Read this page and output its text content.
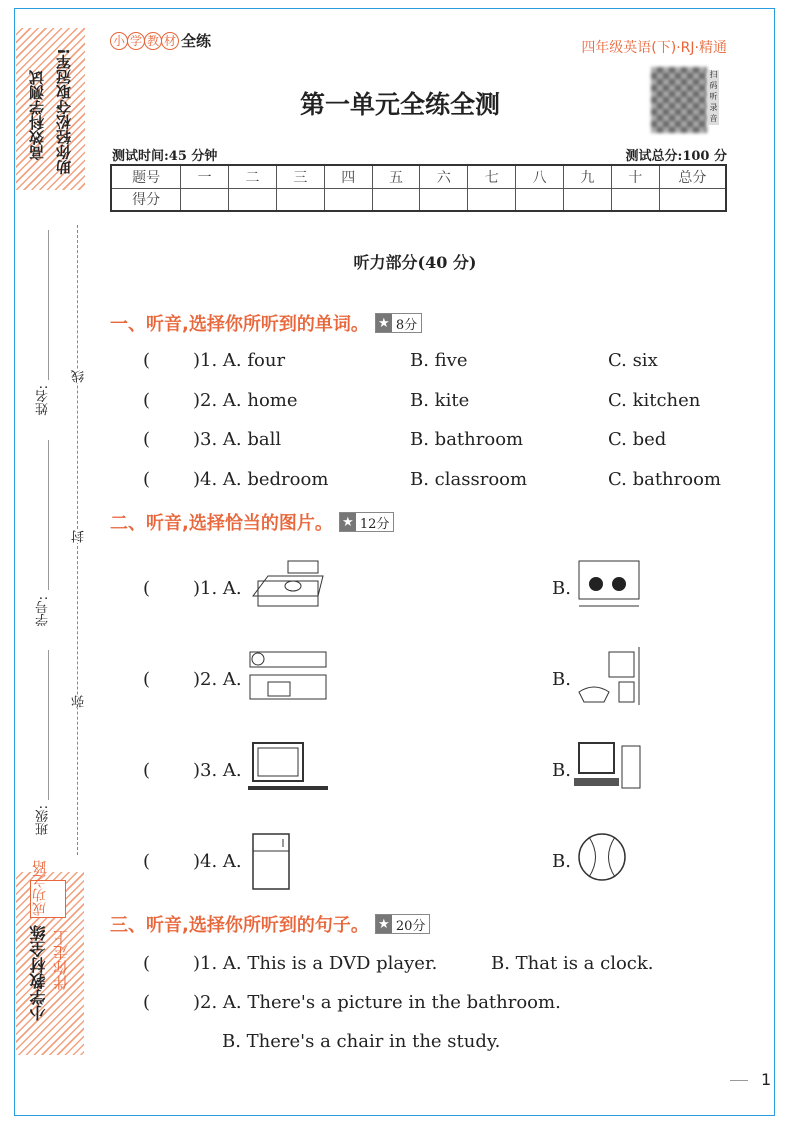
助你轻松夺取冠军!
高效科学测试
姓名:
学号:
班级:
线
封
弥
小学教材全练 伴你走上
成功之路
小 学 教 材 全练	四年级英语(下)·RJ·精通
第一单元全练全测	扫码听录音
测试时间:45 分钟	测试总分:100 分
题号	一	二	三	四	五	六	七	八	九	十	总分
得分											
听力部分(40 分)
一、听音,选择你所听到的单词。 ★ 8分
( )1. A. four	B. five	C. six
( )2. A. home	B. kite	C. kitchen
( )3. A. ball	B. bathroom	C. bed
( )4. A. bedroom	B. classroom	C. bathroom
二、听音,选择恰当的图片。 ★ 12分
( )1. A.	B.
( )2. A.	B.
( )3. A.	B.
( )4. A.	B.
三、听音,选择你所听到的句子。 ★ 20分
( )1. A. This is a DVD player.	B. That is a clock.
( )2. A. There's a picture in the bathroom.
B. There's a chair in the study.
1
